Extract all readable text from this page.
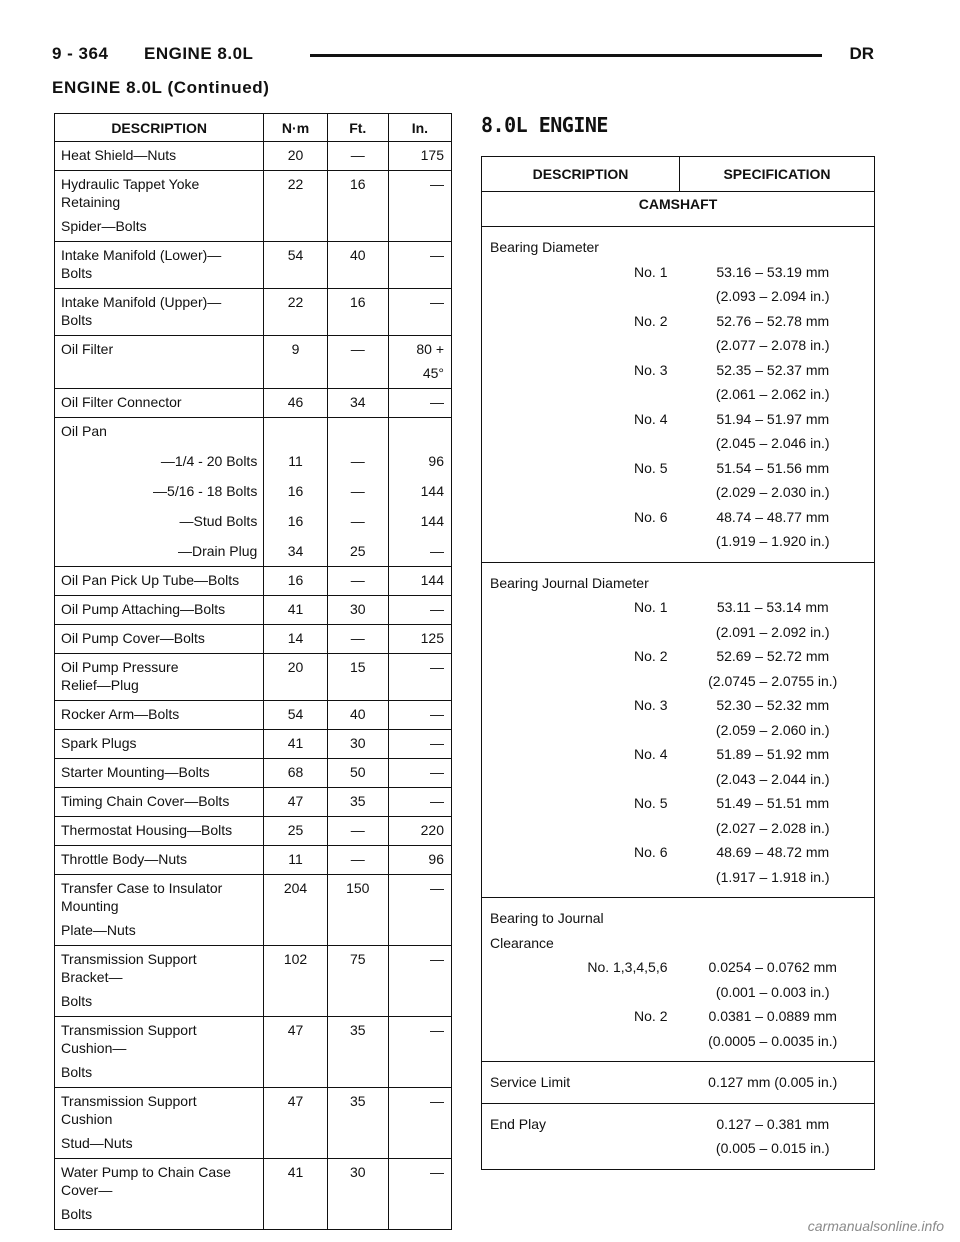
9 - 364 ENGINE 8.0L	DR
ENGINE 8.0L (Continued)
DESCRIPTION	N·m	Ft.	In.

Heat Shield—Nuts	20	—	175

Hydraulic Tappet Yoke
Retaining
Spider—Bolts	22	16	—

Intake Manifold (Lower)—
Bolts	54	40	—

Intake Manifold (Upper)—
Bolts	22	16	—

Oil Filter	9	—	80 +
45°

Oil Filter Connector	46	34	—

Oil Pan			

—1/4 - 20 Bolts	11	—	96

—5/16 - 18 Bolts	16	—	144

—Stud Bolts	16	—	144

—Drain Plug	34	25	—

Oil Pan Pick Up Tube—Bolts	16	—	144

Oil Pump Attaching—Bolts	41	30	—

Oil Pump Cover—Bolts	14	—	125

Oil Pump Pressure
Relief—Plug	20	15	—

Rocker Arm—Bolts	54	40	—

Spark Plugs	41	30	—

Starter Mounting—Bolts	68	50	—

Timing Chain Cover—Bolts	47	35	—

Thermostat Housing—Bolts	25	—	220

Throttle Body—Nuts	11	—	96

Transfer Case to Insulator
Mounting
Plate—Nuts	204	150	—

Transmission Support
Bracket—
Bolts	102	75	—

Transmission Support
Cushion—
Bolts	47	35	—

Transmission Support
Cushion
Stud—Nuts	47	35	—

Water Pump to Chain Case
Cover—
Bolts	41	30	—
8.0L ENGINE
DESCRIPTION	SPECIFICATION
CAMSHAFT	
Bearing Diameter	
No. 1	53.16 – 53.19 mm
	(2.093 – 2.094 in.)
No. 2	52.76 – 52.78 mm
	(2.077 – 2.078 in.)
No. 3	52.35 – 52.37 mm
	(2.061 – 2.062 in.)
No. 4	51.94 – 51.97 mm
	(2.045 – 2.046 in.)
No. 5	51.54 – 51.56 mm
	(2.029 – 2.030 in.)
No. 6	48.74 – 48.77 mm
	(1.919 – 1.920 in.)
Bearing Journal Diameter	
No. 1	53.11 – 53.14 mm
	(2.091 – 2.092 in.)
No. 2	52.69 – 52.72 mm
	(2.0745 – 2.0755 in.)
No. 3	52.30 – 52.32 mm
	(2.059 – 2.060 in.)
No. 4	51.89 – 51.92 mm
	(2.043 – 2.044 in.)
No. 5	51.49 – 51.51 mm
	(2.027 – 2.028 in.)
No. 6	48.69 – 48.72 mm
	(1.917 – 1.918 in.)
Bearing to Journal	
Clearance	
No. 1,3,4,5,6	0.0254 – 0.0762 mm
	(0.001 – 0.003 in.)
No. 2	0.0381 – 0.0889 mm
	(0.0005 – 0.0035 in.)
Service Limit	0.127 mm (0.005 in.)
End Play	0.127 – 0.381 mm
	(0.005 – 0.015 in.)
carmanualsonline.info
